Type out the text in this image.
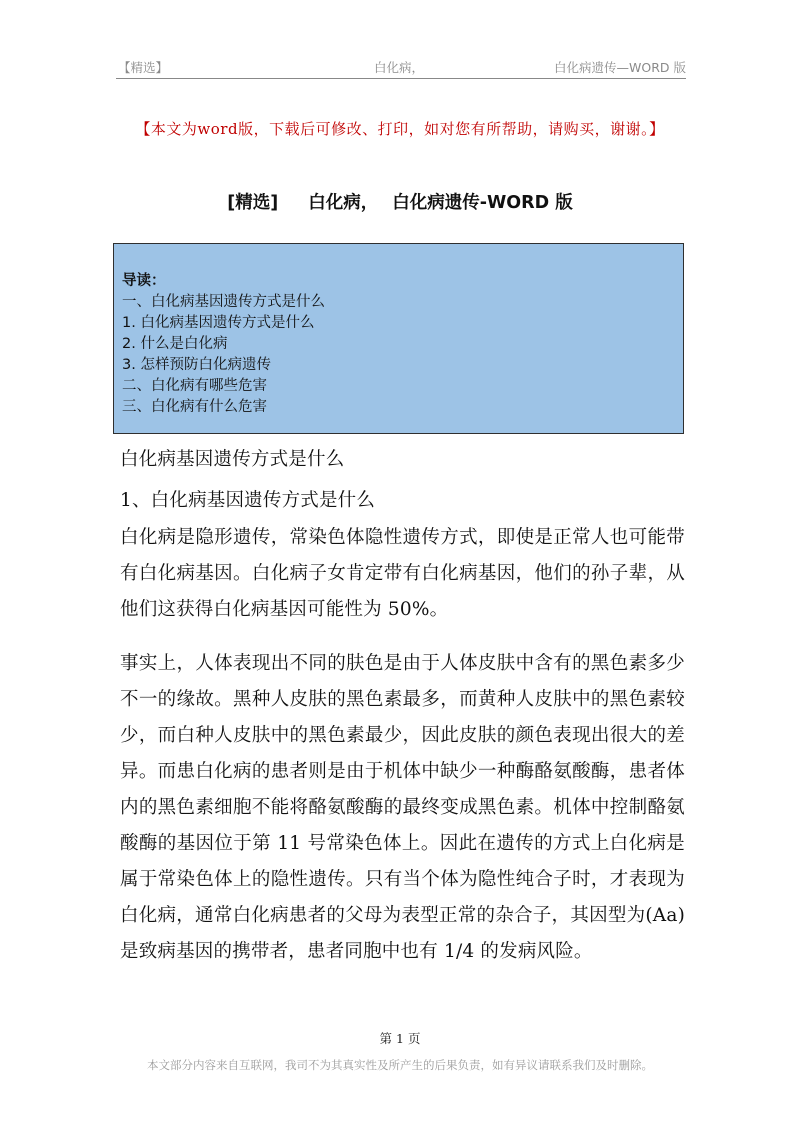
【精选】	白化病，	白化病遗传—WORD 版
【本文为word版，下载后可修改、打印，如对您有所帮助，请购买，谢谢。】
[精选] 白化病， 白化病遗传-WORD 版
导读：
一、白化病基因遗传方式是什么
1. 白化病基因遗传方式是什么
2. 什么是白化病
3. 怎样预防白化病遗传
二、白化病有哪些危害
三、白化病有什么危害
白化病基因遗传方式是什么
1、白化病基因遗传方式是什么

白化病是隐形遗传，常染色体隐性遗传方式，即使是正常人也可能带有白化病基因。白化病子女肯定带有白化病基因，他们的孙子辈，从他们这获得白化病基因可能性为 50%。

事实上，人体表现出不同的肤色是由于人体皮肤中含有的黑色素多少不一的缘故。黑种人皮肤的黑色素最多，而黄种人皮肤中的黑色素较少，而白种人皮肤中的黑色素最少，因此皮肤的颜色表现出很大的差异。而患白化病的患者则是由于机体中缺少一种酶酪氨酸酶，患者体内的黑色素细胞不能将酪氨酸酶的最终变成黑色素。机体中控制酪氨酸酶的基因位于第 11 号常染色体上。因此在遗传的方式上白化病是属于常染色体上的隐性遗传。只有当个体为隐性纯合子时，才表现为白化病，通常白化病患者的父母为表型正常的杂合子，其因型为(Aa)是致病基因的携带者，患者同胞中也有 1/4 的发病风险。

第 1 页
本文部分内容来自互联网，我司不为其真实性及所产生的后果负责，如有异议请联系我们及时删除。
